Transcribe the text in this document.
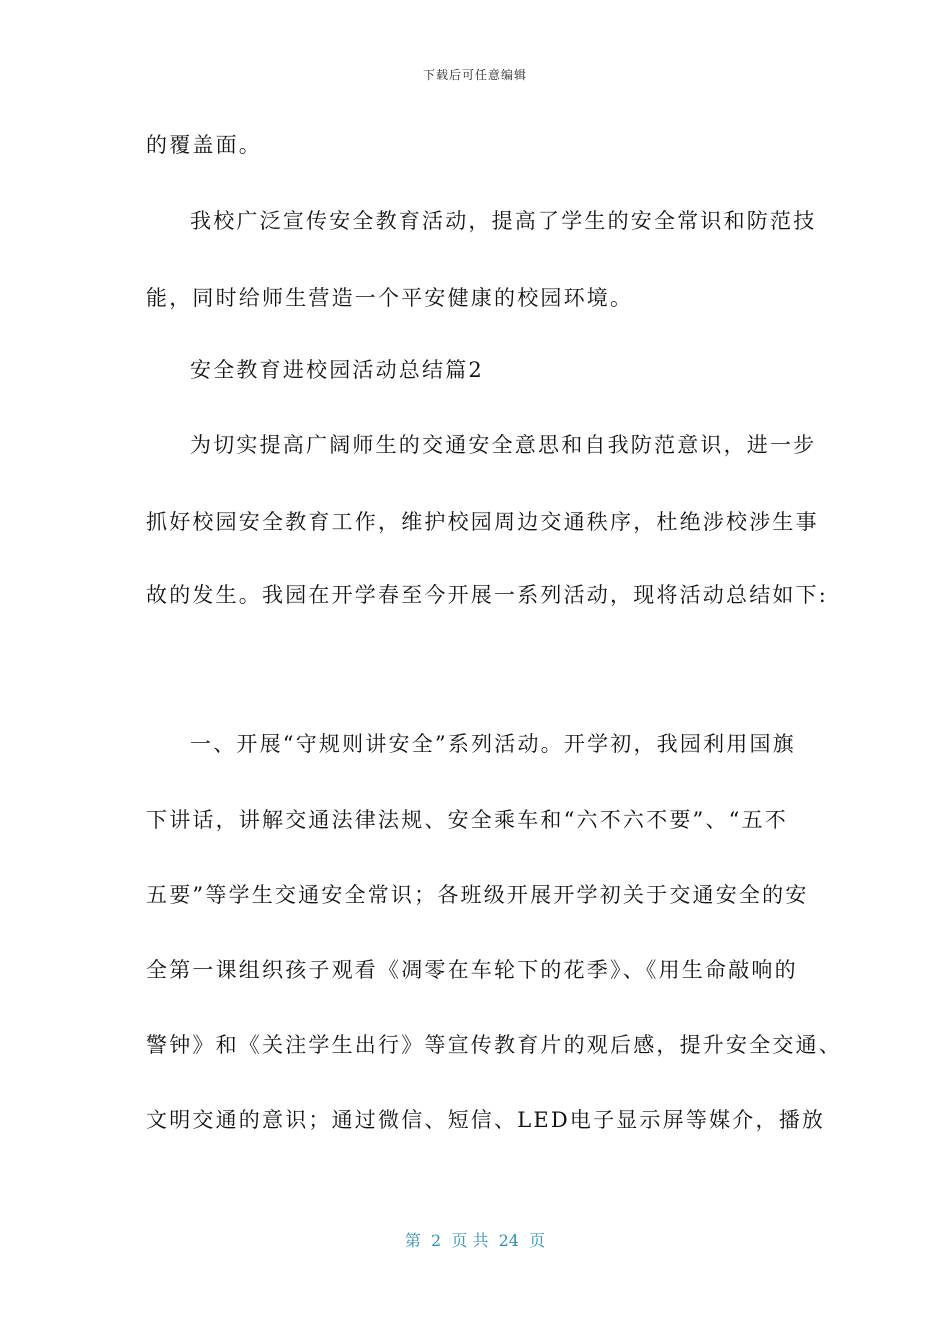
下载后可任意编辑
的覆盖面。
我校广泛宣传安全教育活动，提高了学生的安全常识和防范技
能，同时给师生营造一个平安健康的校园环境。
安全教育进校园活动总结篇2
为切实提高广阔师生的交通安全意思和自我防范意识，进一步
抓好校园安全教育工作，维护校园周边交通秩序，杜绝涉校涉生事
故的发生。我园在开学春至今开展一系列活动，现将活动总结如下:
一、开展“守规则讲安全”系列活动。开学初，我园利用国旗
下讲话，讲解交通法律法规、安全乘车和“六不六不要”、“五不
五要”等学生交通安全常识；各班级开展开学初关于交通安全的安
全第一课组织孩子观看《凋零在车轮下的花季》、《用生命敲响的
警钟》和《关注学生出行》等宣传教育片的观后感，提升安全交通、
文明交通的意识；通过微信、短信、LED电子显示屏等媒介，播放
第  2  页 共  24  页
